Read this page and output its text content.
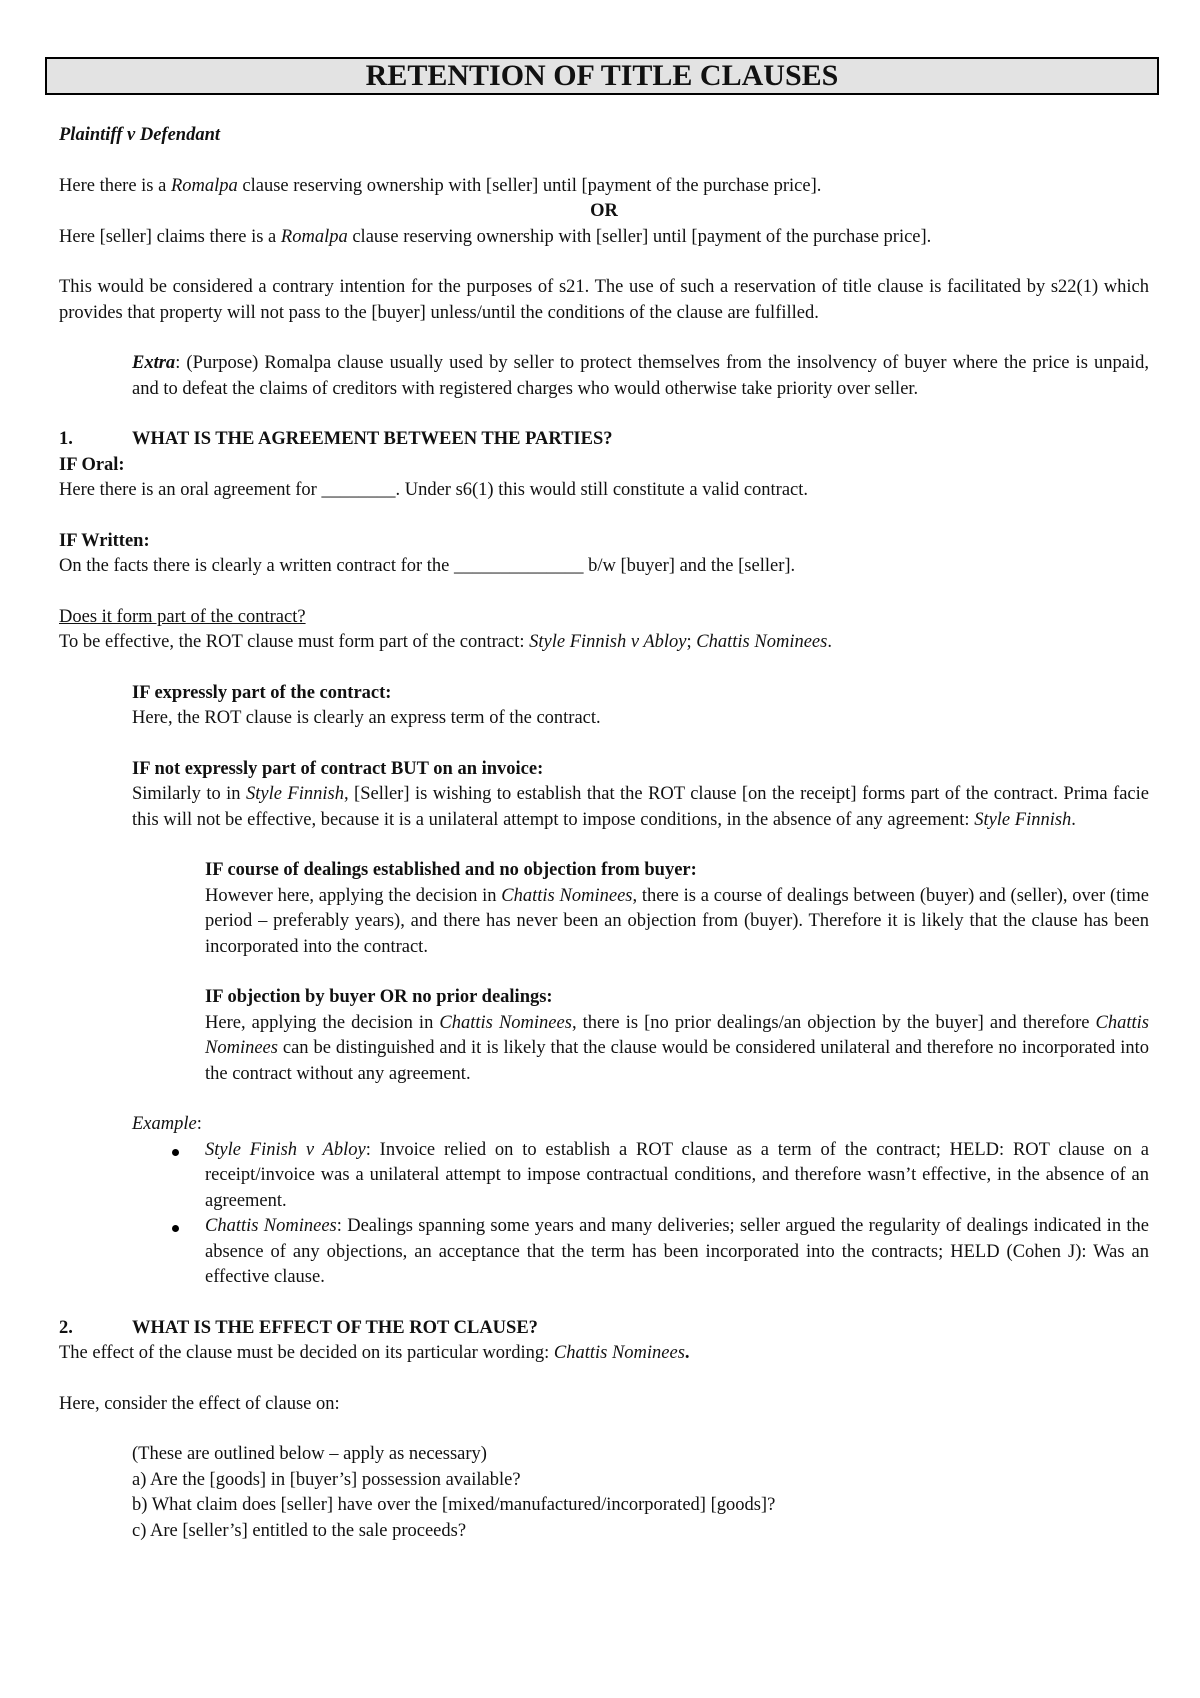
RETENTION OF TITLE CLAUSES

Plaintiff v Defendant

Here there is a Romalpa clause reserving ownership with [seller] until [payment of the purchase price].

OR

Here [seller] claims there is a Romalpa clause reserving ownership with [seller] until [payment of the purchase price].

This would be considered a contrary intention for the purposes of s21. The use of such a reservation of title clause is facilitated by s22(1) which provides that property will not pass to the [buyer] unless/until the conditions of the clause are fulfilled.

Extra: (Purpose) Romalpa clause usually used by seller to protect themselves from the insolvency of buyer where the price is unpaid, and to defeat the claims of creditors with registered charges who would otherwise take priority over seller.

1.	WHAT IS THE AGREEMENT BETWEEN THE PARTIES?

IF Oral:

Here there is an oral agreement for ________. Under s6(1) this would still constitute a valid contract.

IF Written:

On the facts there is clearly a written contract for the ______________ b/w [buyer] and the [seller].

Does it form part of the contract?

To be effective, the ROT clause must form part of the contract: Style Finnish v Abloy; Chattis Nominees.

IF expressly part of the contract:

Here, the ROT clause is clearly an express term of the contract.

IF not expressly part of contract BUT on an invoice:

Similarly to in Style Finnish, [Seller] is wishing to establish that the ROT clause [on the receipt] forms part of the contract. Prima facie this will not be effective, because it is a unilateral attempt to impose conditions, in the absence of any agreement: Style Finnish.

IF course of dealings established and no objection from buyer:

However here, applying the decision in Chattis Nominees, there is a course of dealings between (buyer) and (seller), over (time period – preferably years), and there has never been an objection from (buyer). Therefore it is likely that the clause has been incorporated into the contract.

IF objection by buyer OR no prior dealings:

Here, applying the decision in Chattis Nominees, there is [no prior dealings/an objection by the buyer] and therefore Chattis Nominees can be distinguished and it is likely that the clause would be considered unilateral and therefore no incorporated into the contract without any agreement.

Example:

Style Finish v Abloy: Invoice relied on to establish a ROT clause as a term of the contract; HELD: ROT clause on a receipt/invoice was a unilateral attempt to impose contractual conditions, and therefore wasn’t effective, in the absence of an agreement.
Chattis Nominees: Dealings spanning some years and many deliveries; seller argued the regularity of dealings indicated in the absence of any objections, an acceptance that the term has been incorporated into the contracts; HELD (Cohen J): Was an effective clause.
2.	WHAT IS THE EFFECT OF THE ROT CLAUSE?

The effect of the clause must be decided on its particular wording: Chattis Nominees.

Here, consider the effect of clause on:

(These are outlined below – apply as necessary)

a) Are the [goods] in [buyer’s] possession available?

b) What claim does [seller] have over the [mixed/manufactured/incorporated] [goods]?

c) Are [seller’s] entitled to the sale proceeds?
